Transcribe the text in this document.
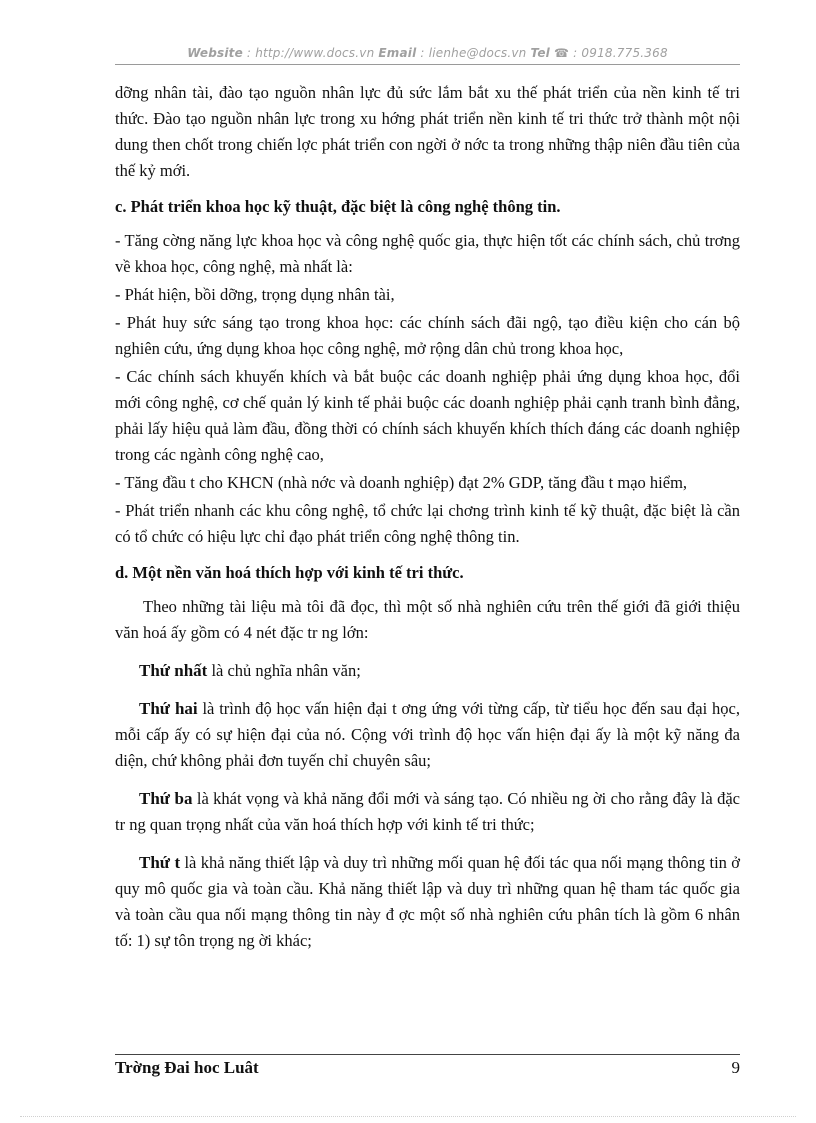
Website : http://www.docs.vn Email : lienhe@docs.vn Tel ☎ : 0918.775.368

dỡng nhân tài, đào tạo nguồn nhân lực đủ sức lắm bắt xu thế phát triển của nền kinh tế tri thức. Đào tạo nguồn nhân lực trong xu hớng phát triển nền kinh tế tri thức trở thành một nội dung then chốt trong chiến lợc phát triển con ngời ở nớc ta trong những thập niên đầu tiên của thế kỷ mới.

c. Phát triển khoa học kỹ thuật, đặc biệt là công nghệ thông tin.

- Tăng cờng năng lực khoa học và công nghệ quốc gia, thực hiện tốt các chính sách, chủ trơng về khoa học, công nghệ, mà nhất là:

- Phát hiện, bồi dỡng, trọng dụng nhân tài,

- Phát huy sức sáng tạo trong khoa học: các chính sách đãi ngộ, tạo điều kiện cho cán bộ nghiên cứu, ứng dụng khoa học công nghệ, mở rộng dân chủ trong khoa học,

- Các chính sách khuyến khích và bắt buộc các doanh nghiệp phải ứng dụng khoa học, đổi mới công nghệ, cơ chế quản lý kinh tế phải buộc các doanh nghiệp phải cạnh tranh bình đẳng, phải lấy hiệu quả làm đầu, đồng thời có chính sách khuyến khích thích đáng các doanh nghiệp trong các ngành công nghệ cao,

- Tăng đầu t cho KHCN (nhà nớc và doanh nghiệp) đạt 2% GDP, tăng đầu t mạo hiểm,

- Phát triển nhanh các khu công nghệ, tổ chức lại chơng trình kinh tế kỹ thuật, đặc biệt là cần có tổ chức có hiệu lực chỉ đạo phát triển công nghệ thông tin.

d. Một nền văn hoá thích hợp với kinh tế tri thức.

Theo những tài liệu mà tôi đã đọc, thì một số nhà nghiên cứu trên thế giới đã giới thiệu văn hoá ấy gồm có 4 nét đặc tr ng lớn:

Thứ nhất là chủ nghĩa nhân văn;

Thứ hai là trình độ học vấn hiện đại t ơng ứng với từng cấp, từ tiểu học đến sau đại học, mỗi cấp ấy có sự hiện đại của nó. Cộng với trình độ học vấn hiện đại ấy là một kỹ năng đa diện, chứ không phải đơn tuyến chỉ chuyên sâu;

Thứ ba là khát vọng và khả năng đổi mới và sáng tạo. Có nhiều ng ời cho rằng đây là đặc tr ng quan trọng nhất của văn hoá thích hợp với kinh tế tri thức;

Thứ t là khả năng thiết lập và duy trì những mối quan hệ đối tác qua nối mạng thông tin ở quy mô quốc gia và toàn cầu. Khả năng thiết lập và duy trì những quan hệ tham tác quốc gia và toàn cầu qua nối mạng thông tin này đ ợc một số nhà nghiên cứu phân tích là gồm 6 nhân tố: 1) sự tôn trọng ng ời khác;

Trờng Đai hoc Luât	9
